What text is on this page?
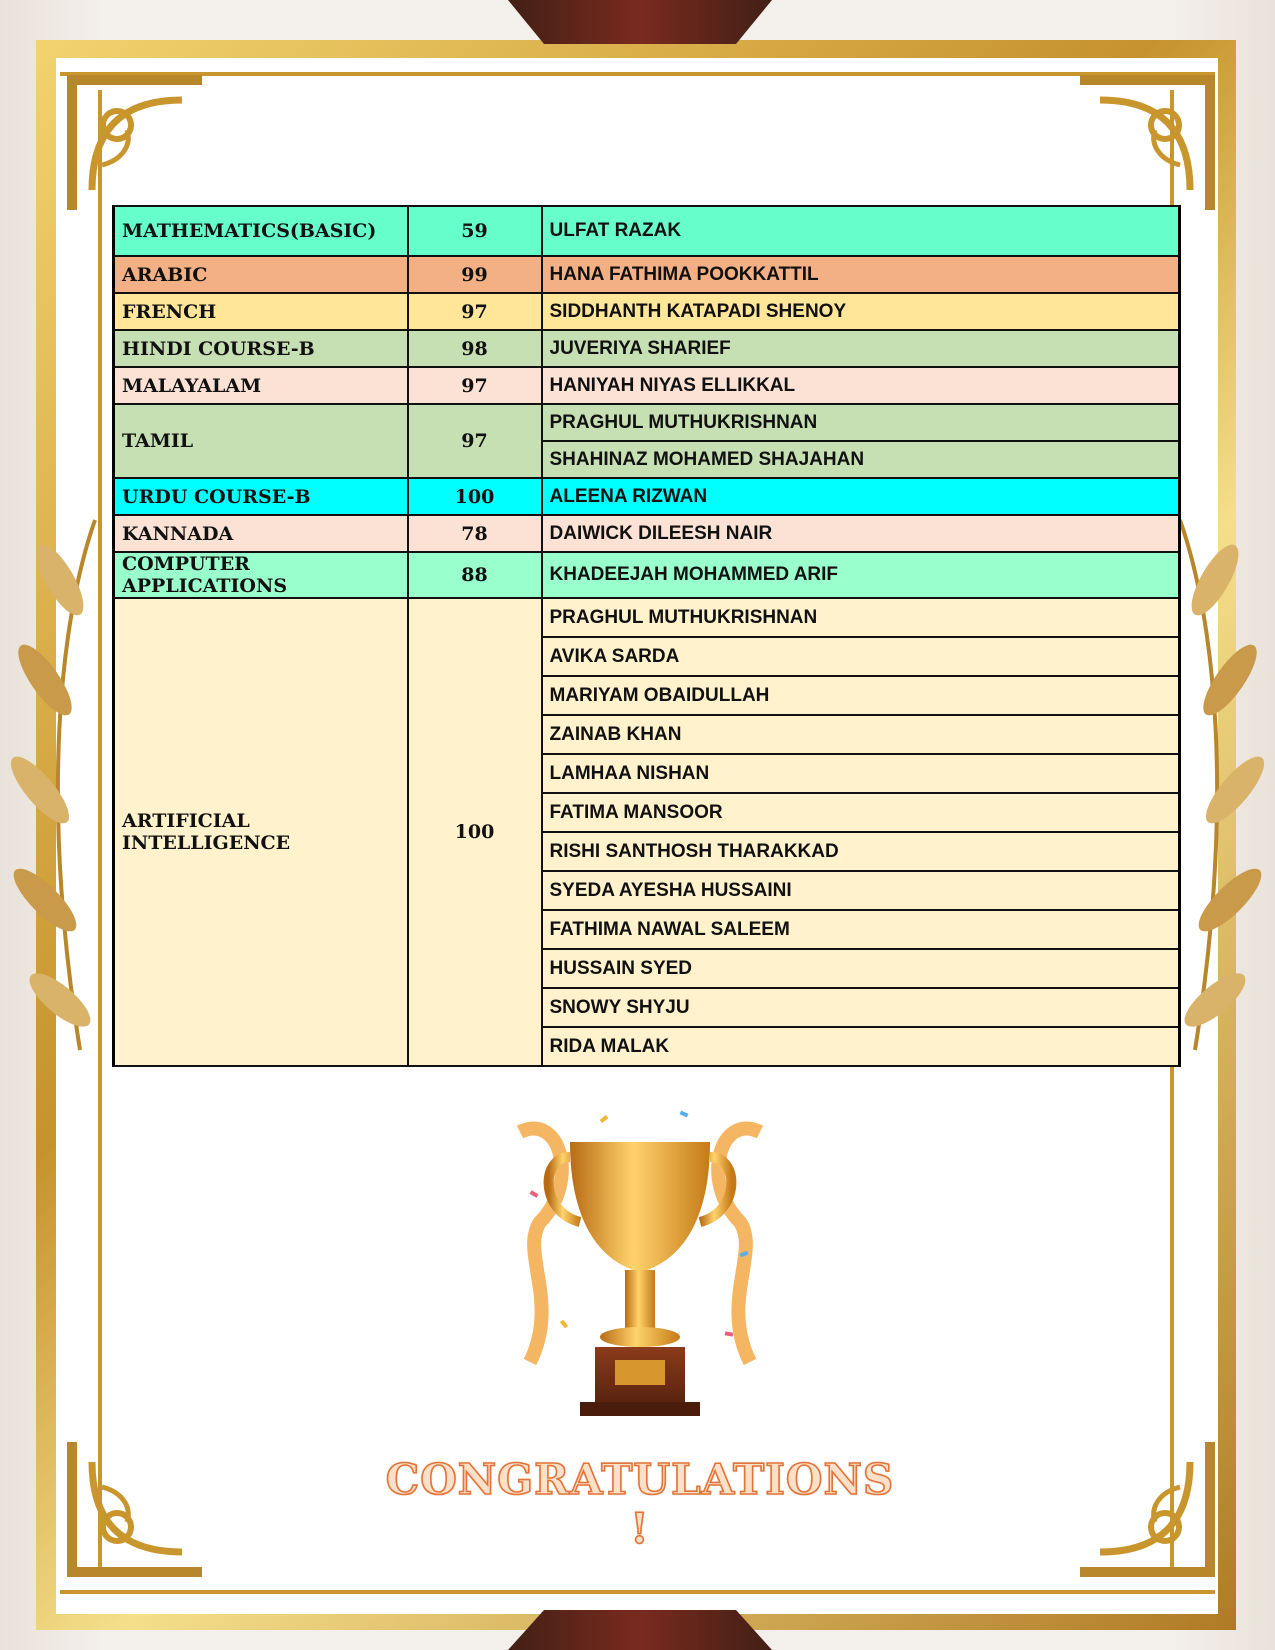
MATHEMATICS(BASIC)	59	ULFAT RAZAK
ARABIC	99	HANA FATHIMA POOKKATTIL
FRENCH	97	SIDDHANTH KATAPADI SHENOY
HINDI COURSE-B	98	JUVERIYA SHARIEF
MALAYALAM	97	HANIYAH NIYAS ELLIKKAL
TAMIL	97	PRAGHUL MUTHUKRISHNAN
		SHAHINAZ MOHAMED SHAJAHAN
URDU COURSE-B	100	ALEENA RIZWAN
KANNADA	78	DAIWICK DILEESH NAIR
COMPUTER APPLICATIONS	88	KHADEEJAH MOHAMMED ARIF
ARTIFICIAL INTELLIGENCE	100	PRAGHUL MUTHUKRISHNAN
		AVIKA SARDA
		MARIYAM OBAIDULLAH
		ZAINAB KHAN
		LAMHAA NISHAN
		FATIMA MANSOOR
		RISHI SANTHOSH THARAKKAD
		SYEDA AYESHA HUSSAINI
		FATHIMA NAWAL SALEEM
		HUSSAIN SYED
		SNOWY SHYJU
		RIDA MALAK
CONGRATULATIONS !
